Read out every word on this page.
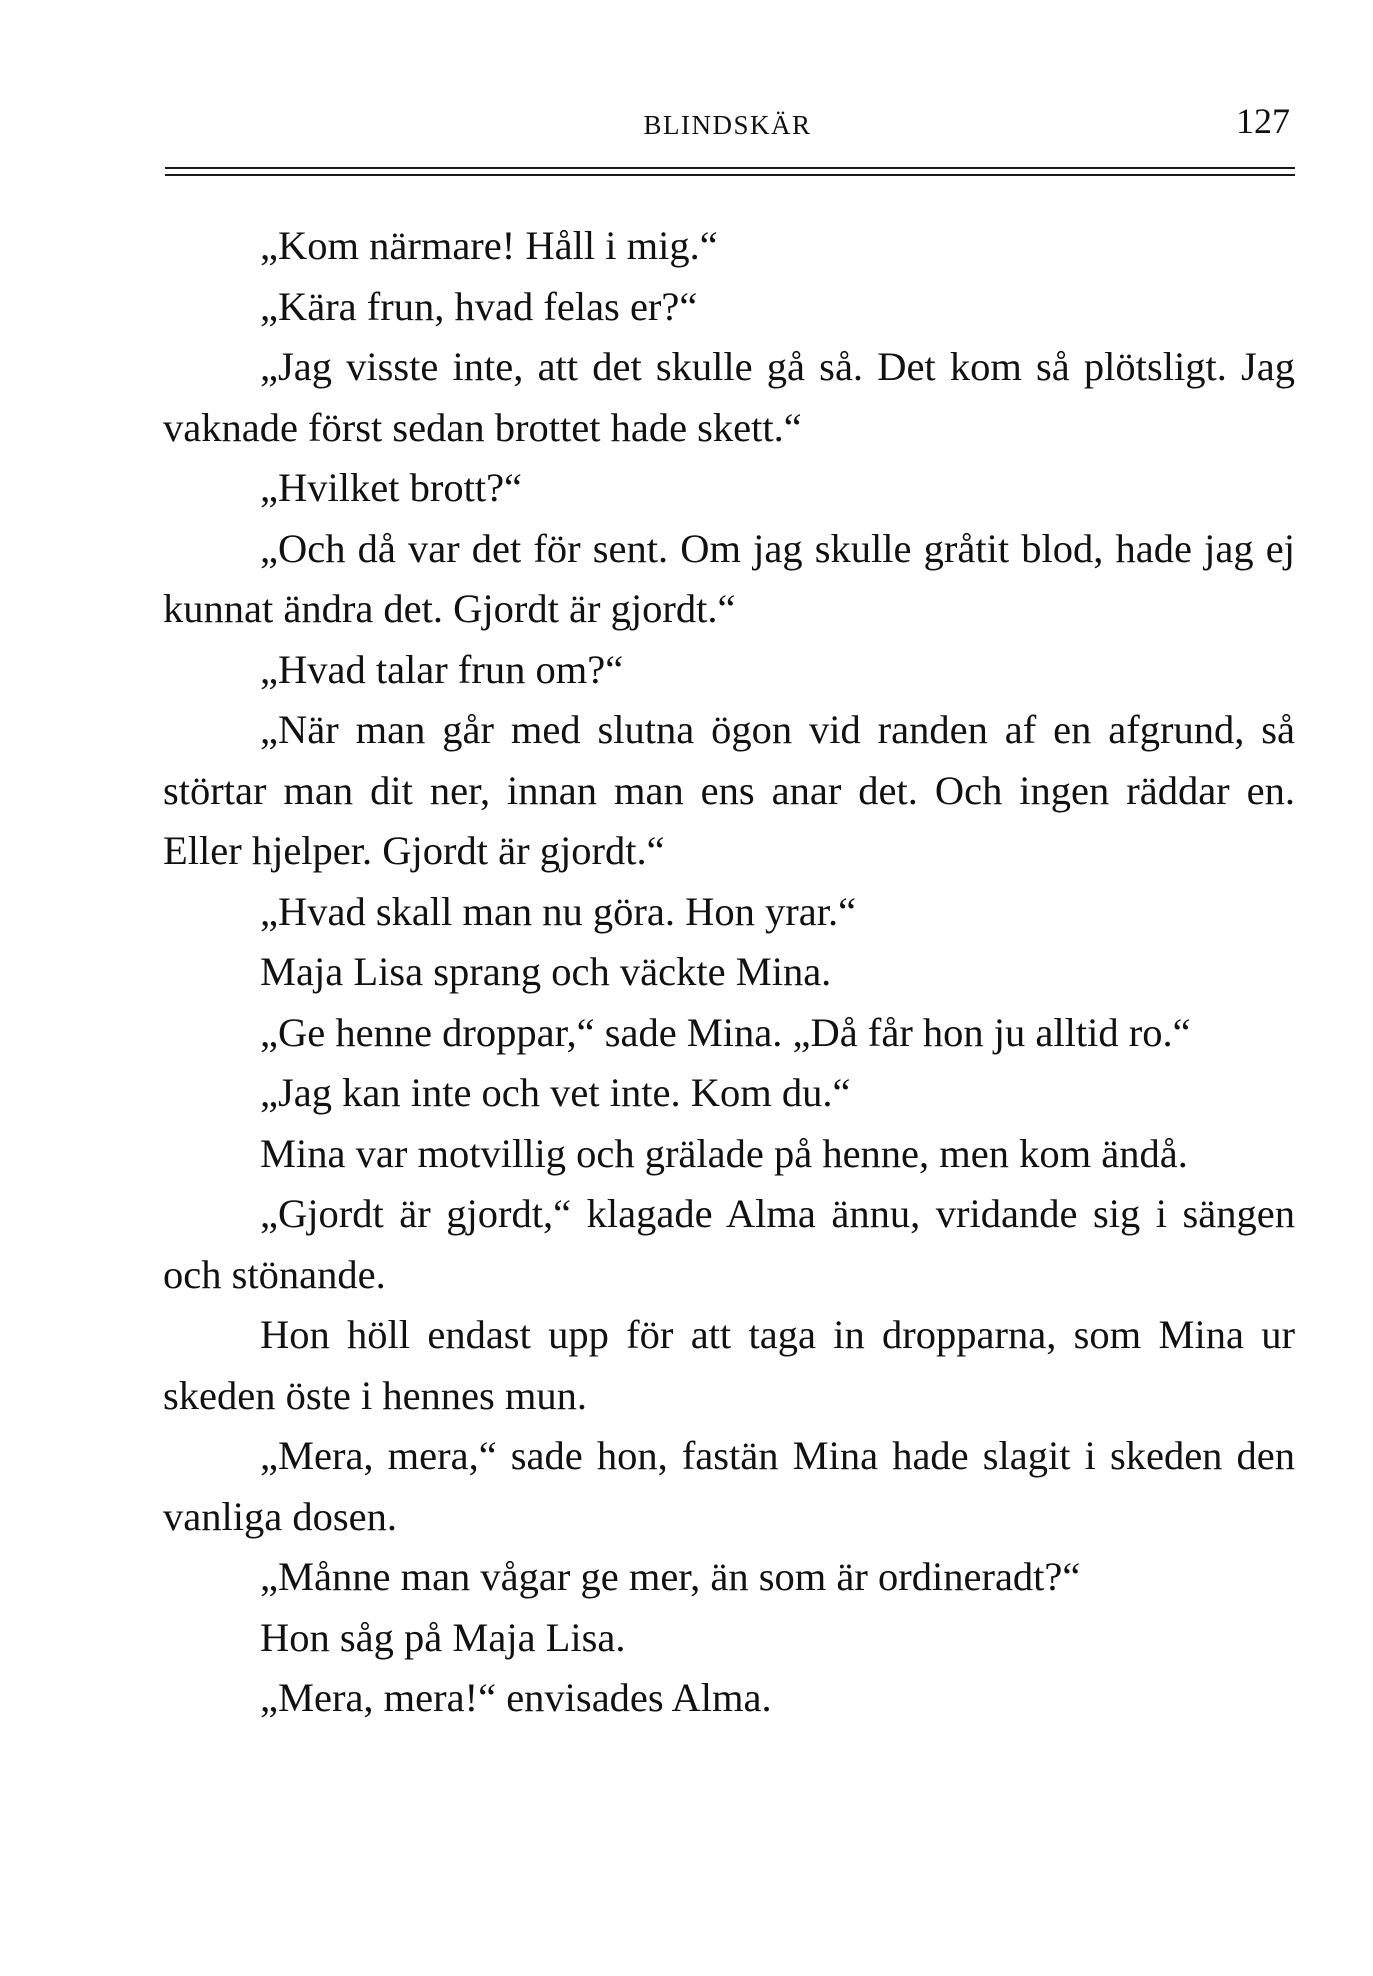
BLINDSKÄR	127

„Kom närmare! Håll i mig.“

„Kära frun, hvad felas er?“

„Jag visste inte, att det skulle gå så. Det kom så plötsligt. Jag vaknade först sedan brottet hade skett.“

„Hvilket brott?“

„Och då var det för sent. Om jag skulle gråtit blod, hade jag ej kunnat ändra det. Gjordt är gjordt.“

„Hvad talar frun om?“

„När man går med slutna ögon vid randen af en afgrund, så störtar man dit ner, innan man ens anar det. Och ingen räddar en. Eller hjelper. Gjordt är gjordt.“

„Hvad skall man nu göra. Hon yrar.“

Maja Lisa sprang och väckte Mina.

„Ge henne droppar,“ sade Mina. „Då får hon ju alltid ro.“

„Jag kan inte och vet inte. Kom du.“

Mina var motvillig och grälade på henne, men kom ändå.

„Gjordt är gjordt,“ klagade Alma ännu, vridande sig i sängen och stönande.

Hon höll endast upp för att taga in dropparna, som Mina ur skeden öste i hennes mun.

„Mera, mera,“ sade hon, fastän Mina hade slagit i skeden den vanliga dosen.

„Månne man vågar ge mer, än som är ordineradt?“

Hon såg på Maja Lisa.

„Mera, mera!“ envisades Alma.
